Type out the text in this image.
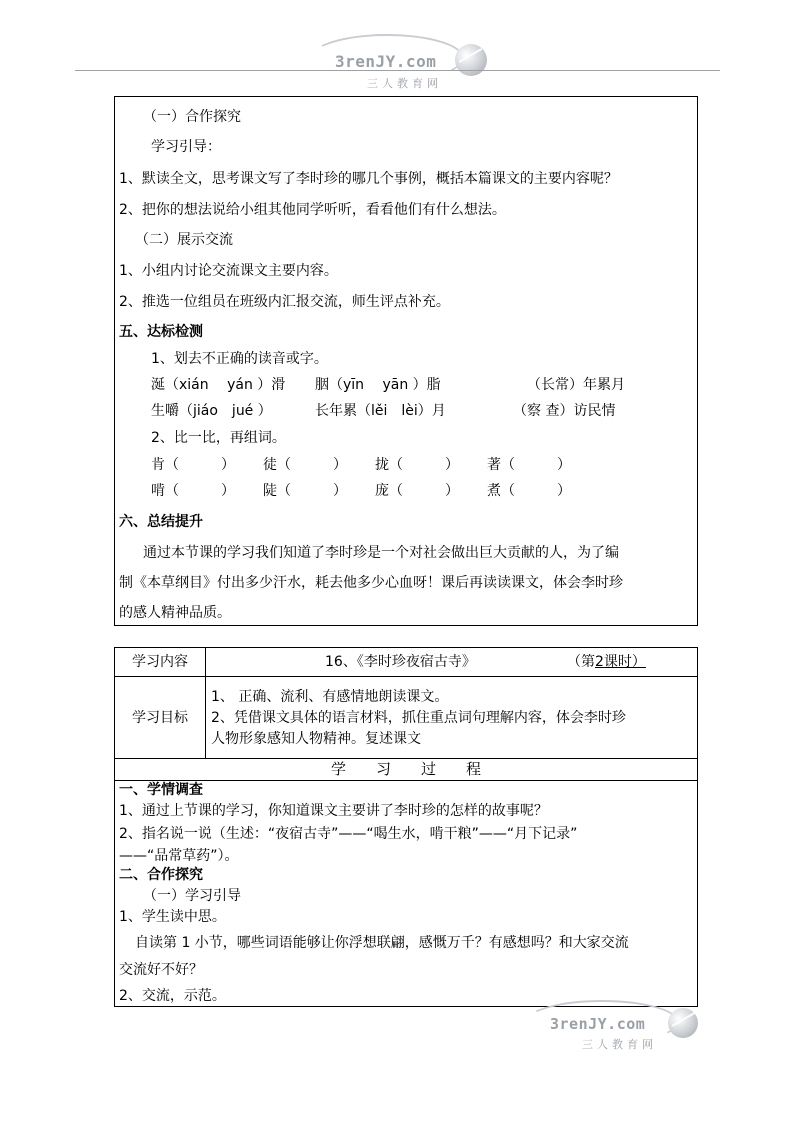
3renJY.com
三人教育网
（一）合作探究
学习引导：
1、默读全文，思考课文写了李时珍的哪几个事例，概括本篇课文的主要内容呢？
2、把你的想法说给小组其他同学听听，看看他们有什么想法。
（二）展示交流
1、小组内讨论交流课文主要内容。
2、推选一位组员在班级内汇报交流，师生评点补充。
五、达标检测
1、划去不正确的读音或字。
涎（xián　 yán ）滑 胭（yīn　 yān ）脂	（长常）年累月
生嚼（jiáo　jué ）	长年累（lěi　lèi）月	（察 查）访民情
2、比一比，再组词。
肯（　　　） 徒（　　　） 拢（　　　） 著（　　　）
啃（　　　） 陡（　　　） 庞（　　　） 煮（　　　）
六、总结提升
通过本节课的学习我们知道了李时珍是一个对社会做出巨大贡献的人，为了编
制《本草纲目》付出多少汗水，耗去他多少心血呀！课后再读读课文，体会李时珍
的感人精神品质。
学习内容	16、《李时珍夜宿古寺》	（第2课时）
学习目标
1、 正确、流利、有感情地朗读课文。
2、凭借课文具体的语言材料，抓住重点词句理解内容，体会李时珍
人物形象感知人物精神。复述课文
学　　习　　过　　程
一、学情调查
1、通过上节课的学习，你知道课文主要讲了李时珍的怎样的故事呢？
2、指名说一说（生述：“夜宿古寺”——“喝生水，啃干粮”——“月下记录”
——“品常草药”）。
二、合作探究
（一）学习引导
1、学生读中思。
自读第 1 小节，哪些词语能够让你浮想联翩，感慨万千？有感想吗？和大家交流
交流好不好？
2、交流，示范。
3renJY.com
三人教育网
